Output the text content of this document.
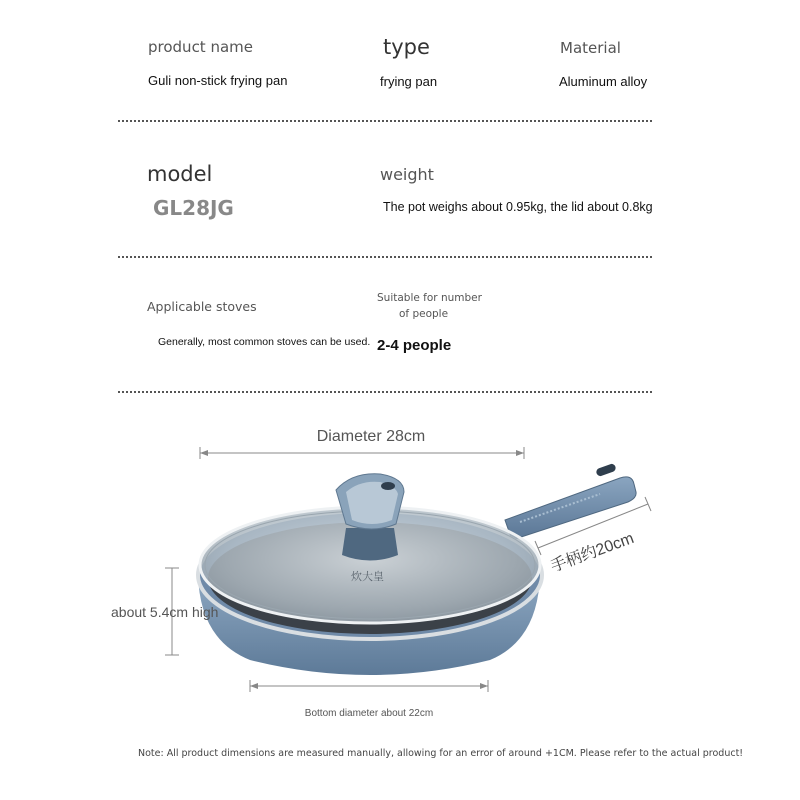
product name
Guli non-stick frying pan
type
frying pan
Material
Aluminum alloy
model
GL28JG
weight
The pot weighs about 0.95kg, the lid about 0.8kg
Applicable stoves
Generally, most common stoves can be used.
Suitable for number
of people
2-4 people
炊大皇
Diameter 28cm
手柄约20cm
about 5.4cm high
Bottom diameter about 22cm
Note: All product dimensions are measured manually, allowing for an error of around +1CM. Please refer to the actual product!
